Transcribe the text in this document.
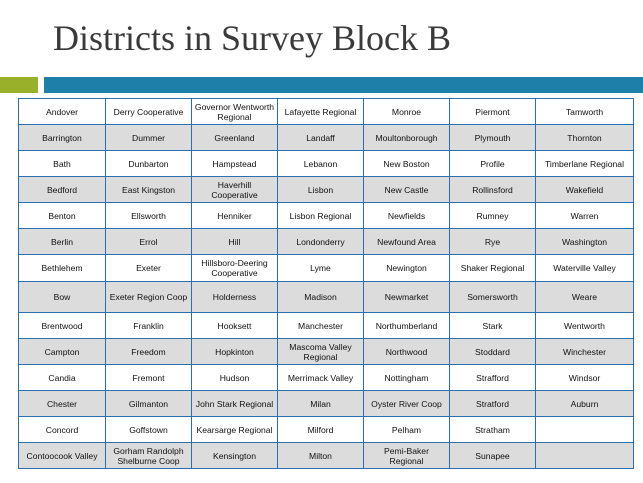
Districts in Survey Block B
Andover	Derry Cooperative	Governor Wentworth Regional	Lafayette Regional	Monroe	Piermont	Tamworth
Barrington	Dummer	Greenland	Landaff	Moultonborough	Plymouth	Thornton
Bath	Dunbarton	Hampstead	Lebanon	New Boston	Profile	Timberlane Regional
Bedford	East Kingston	Haverhill Cooperative	Lisbon	New Castle	Rollinsford	Wakefield
Benton	Ellsworth	Henniker	Lisbon Regional	Newfields	Rumney	Warren
Berlin	Errol	Hill	Londonderry	Newfound Area	Rye	Washington
Bethlehem	Exeter	Hillsboro-Deering Cooperative	Lyme	Newington	Shaker Regional	Waterville Valley
Bow	Exeter Region Coop	Holderness	Madison	Newmarket	Somersworth	Weare
Brentwood	Franklin	Hooksett	Manchester	Northumberland	Stark	Wentworth
Campton	Freedom	Hopkinton	Mascoma Valley Regional	Northwood	Stoddard	Winchester
Candia	Fremont	Hudson	Merrimack Valley	Nottingham	Strafford	Windsor
Chester	Gilmanton	John Stark Regional	Milan	Oyster River Coop	Stratford	Auburn
Concord	Goffstown	Kearsarge Regional	Milford	Pelham	Stratham	
Contoocook Valley	Gorham Randolph Shelburne Coop	Kensington	Milton	Pemi-Baker Regional	Sunapee	
